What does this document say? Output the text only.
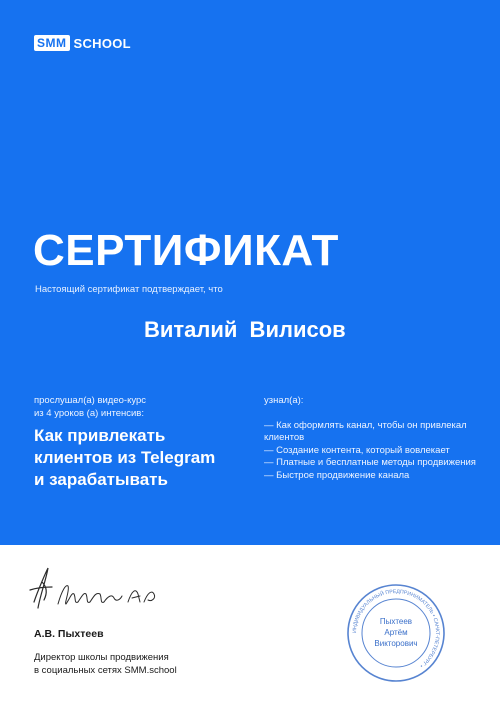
SMM SCHOOL
СЕРТИФИКАТ
Настоящий сертификат подтверждает, что
Виталий Вилисов
прослушал(а) видео-курс
из 4 уроков (а) интенсив:
Как привлекать
клиентов из Telegram
и зарабатывать
узнал(а):
— Как оформлять канал, чтобы он привлекал клиентов
— Создание контента, который вовлекает
— Платные и бесплатные методы продвижения
— Быстрое продвижение канала
А.В. Пыхтеев
Директор школы продвижения
в социальных сетях SMM.school
ИНДИВИДУАЛЬНЫЙ ПРЕДПРИНИМАТЕЛЬ • САНКТ-ПЕТЕРБУРГ •
Пыхтеев
Артём
Викторович
